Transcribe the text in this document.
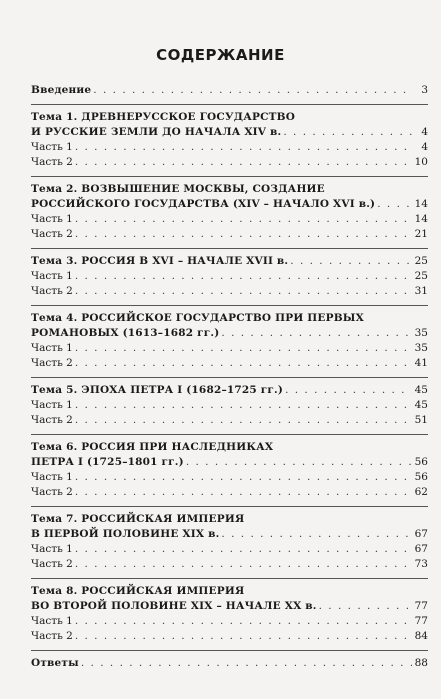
СОДЕРЖАНИЕ
Введение . . .	3
Тема 1. ДРЕВНЕРУССКОЕ ГОСУДАРСТВО
И РУССКИЕ ЗЕМЛИ ДО НАЧАЛА XIV в. . . .	4
Часть 1 . . .	4
Часть 2 . . .	10
Тема 2. ВОЗВЫШЕНИЕ МОСКВЫ, СОЗДАНИЕ
РОССИЙСКОГО ГОСУДАРСТВА (XIV – НАЧАЛО XVI в.) . . .	14
Часть 1 . . .	14
Часть 2 . . .	21
Тема 3. РОССИЯ В XVI – НАЧАЛЕ XVII в. . . .	25
Часть 1 . . .	25
Часть 2 . . .	31
Тема 4. РОССИЙСКОЕ ГОСУДАРСТВО ПРИ ПЕРВЫХ
РОМАНОВЫХ (1613–1682 гг.) . . .	35
Часть 1 . . .	35
Часть 2 . . .	41
Тема 5. ЭПОХА ПЕТРА I (1682–1725 гг.) . . .	45
Часть 1 . . .	45
Часть 2 . . .	51
Тема 6. РОССИЯ ПРИ НАСЛЕДНИКАХ
ПЕТРА I (1725–1801 гг.) . . .	56
Часть 1 . . .	56
Часть 2 . . .	62
Тема 7. РОССИЙСКАЯ ИМПЕРИЯ
В ПЕРВОЙ ПОЛОВИНЕ XIX в. . . .	67
Часть 1 . . .	67
Часть 2 . . .	73
Тема 8. РОССИЙСКАЯ ИМПЕРИЯ
ВО ВТОРОЙ ПОЛОВИНЕ XIX – НАЧАЛЕ XX в. . . .	77
Часть 1 . . .	77
Часть 2 . . .	84
Ответы . . .	88
